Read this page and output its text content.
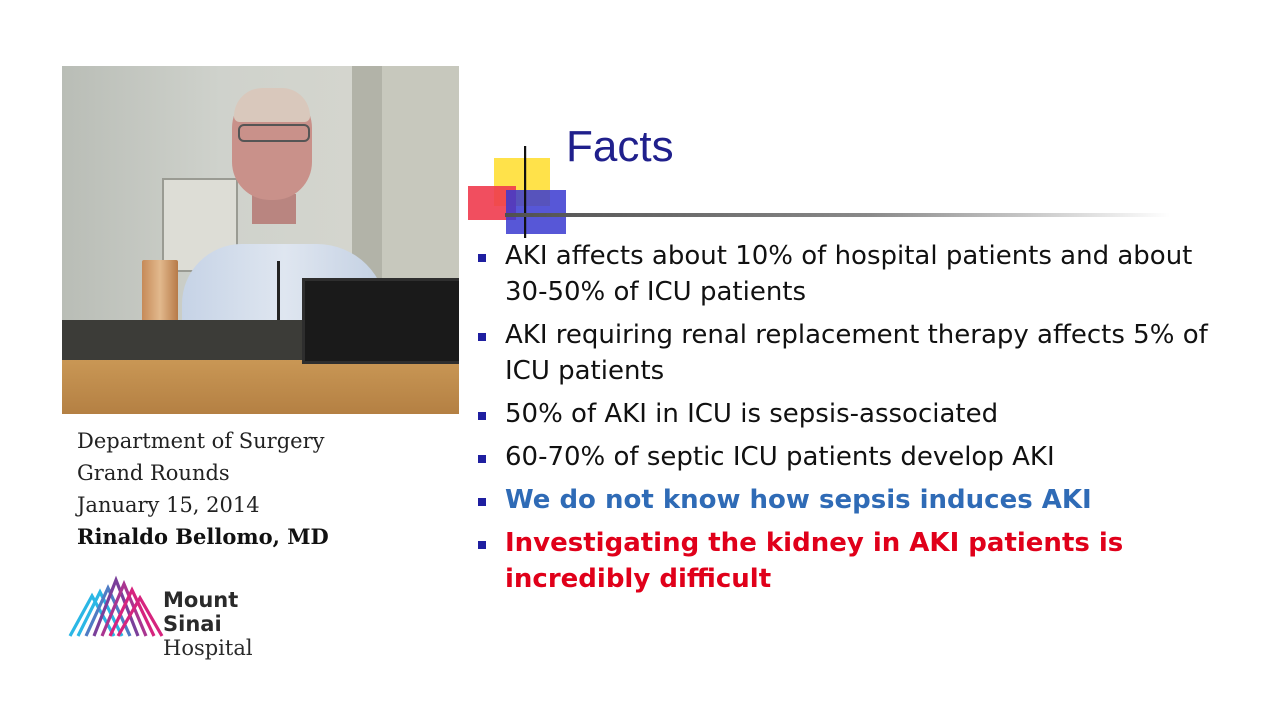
Department of Surgery
Grand Rounds
January 15, 2014
Rinaldo Bellomo, MD
Mount
Sinai
Hospital
Facts
AKI affects about 10% of hospital patients and about 30-50% of ICU patients
AKI requiring renal replacement therapy affects 5% of ICU patients
50% of AKI in ICU is sepsis-associated
60-70% of septic ICU patients develop AKI
We do not know how sepsis induces AKI
Investigating the kidney in AKI patients is incredibly difficult
